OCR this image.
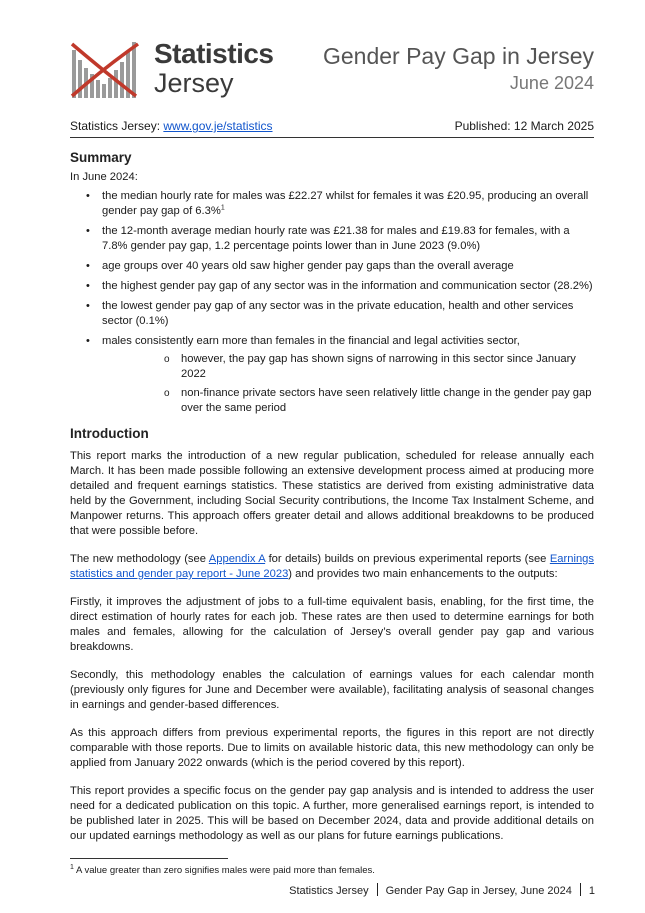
Statistics
Jersey
Gender Pay Gap in Jersey
June 2024
Statistics Jersey: www.gov.je/statistics	Published: 12 March 2025
Summary
In June 2024:
• the median hourly rate for males was £22.27 whilst for females it was £20.95, producing an overall gender pay gap of 6.3%$^1$
• the 12-month average median hourly rate was £21.38 for males and £19.83 for females, with a 7.8% gender pay gap, 1.2 percentage points lower than in June 2023 (9.0%)
• age groups over 40 years old saw higher gender pay gaps than the overall average
• the highest gender pay gap of any sector was in the information and communication sector (28.2%)
• the lowest gender pay gap of any sector was in the private education, health and other services sector (0.1%)
• males consistently earn more than females in the financial and legal activities sector,
o however, the pay gap has shown signs of narrowing in this sector since January 2022
o non-finance private sectors have seen relatively little change in the gender pay gap over the same period
Introduction

This report marks the introduction of a new regular publication, scheduled for release annually each March. It has been made possible following an extensive development process aimed at producing more detailed and frequent earnings statistics. These statistics are derived from existing administrative data held by the Government, including Social Security contributions, the Income Tax Instalment Scheme, and Manpower returns. This approach offers greater detail and allows additional breakdowns to be produced that were possible before.

The new methodology (see Appendix A for details) builds on previous experimental reports (see Earnings statistics and gender pay report - June 2023) and provides two main enhancements to the outputs:

Firstly, it improves the adjustment of jobs to a full-time equivalent basis, enabling, for the first time, the direct estimation of hourly rates for each job. These rates are then used to determine earnings for both males and females, allowing for the calculation of Jersey’s overall gender pay gap and various breakdowns.

Secondly, this methodology enables the calculation of earnings values for each calendar month (previously only figures for June and December were available), facilitating analysis of seasonal changes in earnings and gender-based differences.

As this approach differs from previous experimental reports, the figures in this report are not directly comparable with those reports. Due to limits on available historic data, this new methodology can only be applied from January 2022 onwards (which is the period covered by this report).

This report provides a specific focus on the gender pay gap analysis and is intended to address the user need for a dedicated publication on this topic. A further, more generalised earnings report, is intended to be published later in 2025. This will be based on December 2024, data and provide additional details on our updated earnings methodology as well as our plans for future earnings publications.

$^1$ A value greater than zero signifies males were paid more than females.
Statistics Jersey Gender Pay Gap in Jersey, June 2024 1
